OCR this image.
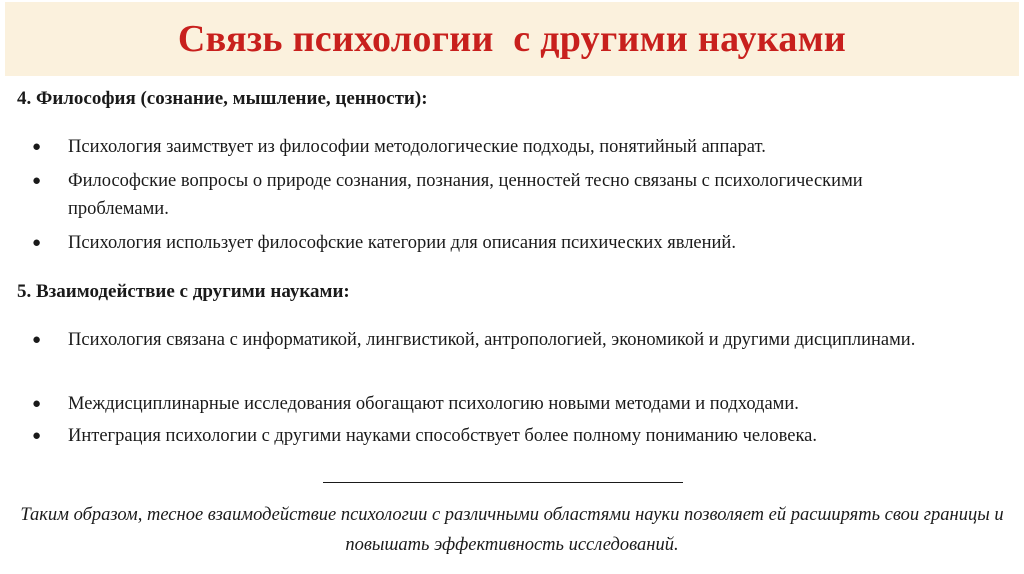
Связь психологии  с другими науками
4. Философия (сознание, мышление, ценности):
● Психология заимствует из философии методологические подходы, понятийный аппарат.
● Философские вопросы о природе сознания, познания, ценностей тесно связаны с психологическими проблемами.
● Психология использует философские категории для описания психических явлений.
5. Взаимодействие с другими науками:
● Психология связана с информатикой, лингвистикой, антропологией, экономикой и другими дисциплинами.
● Междисциплинарные исследования обогащают психологию новыми методами и подходами.
● Интеграция психологии с другими науками способствует более полному пониманию человека.
Таким образом, тесное взаимодействие психологии с различными областями науки позволяет ей расширять свои границы и повышать эффективность исследований.
